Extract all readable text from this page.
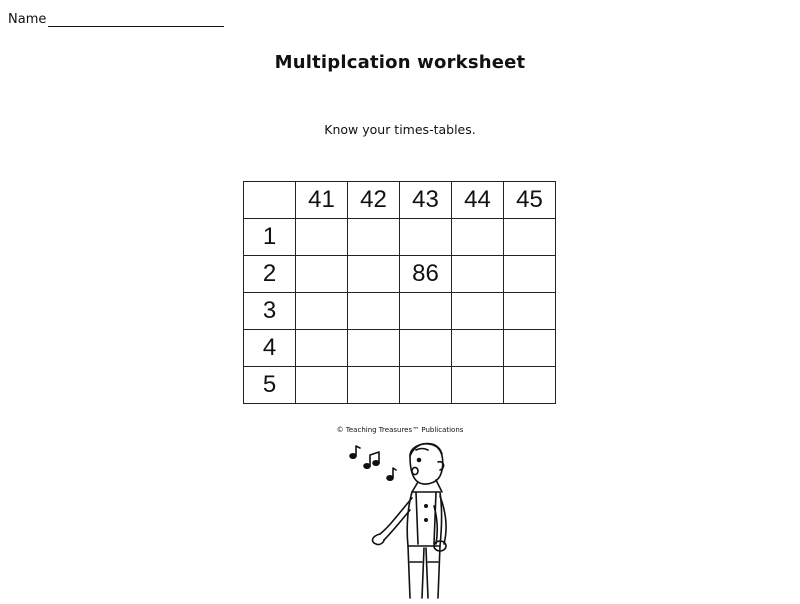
Name
Multiplcation worksheet
Know your times-tables.
	41	42	43	44	45
1					
2			86		
3					
4					
5					
© Teaching Treasures™ Publications
